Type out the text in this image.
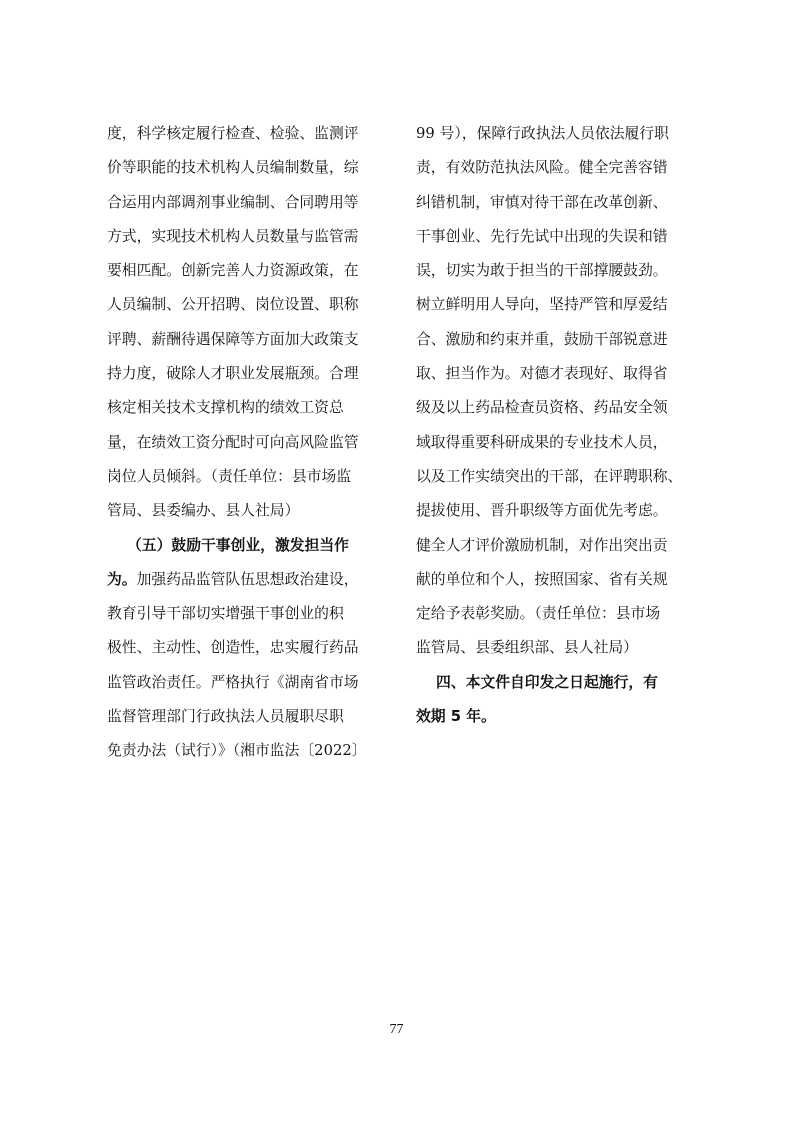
度，科学核定履行检查、检验、监测评
价等职能的技术机构人员编制数量，综
合运用内部调剂事业编制、合同聘用等
方式，实现技术机构人员数量与监管需
要相匹配。创新完善人力资源政策，在
人员编制、公开招聘、岗位设置、职称
评聘、薪酬待遇保障等方面加大政策支
持力度，破除人才职业发展瓶颈。合理
核定相关技术支撑机构的绩效工资总
量，在绩效工资分配时可向高风险监管
岗位人员倾斜。（责任单位：县市场监
管局、县委编办、县人社局）
（五）鼓励干事创业，激发担当作
为。加强药品监管队伍思想政治建设，
教育引导干部切实增强干事创业的积
极性、主动性、创造性，忠实履行药品
监管政治责任。严格执行《湖南省市场
监督管理部门行政执法人员履职尽职
免责办法（试行）》（湘市监法〔2022〕
99 号），保障行政执法人员依法履行职
责，有效防范执法风险。健全完善容错
纠错机制，审慎对待干部在改革创新、
干事创业、先行先试中出现的失误和错
误，切实为敢于担当的干部撑腰鼓劲。
树立鲜明用人导向，坚持严管和厚爱结
合、激励和约束并重，鼓励干部锐意进
取、担当作为。对德才表现好、取得省
级及以上药品检查员资格、药品安全领
域取得重要科研成果的专业技术人员，
以及工作实绩突出的干部，在评聘职称、
提拔使用、晋升职级等方面优先考虑。
健全人才评价激励机制，对作出突出贡
献的单位和个人，按照国家、省有关规
定给予表彰奖励。（责任单位：县市场
监管局、县委组织部、县人社局）
四、本文件自印发之日起施行，有
效期 5 年。
77
